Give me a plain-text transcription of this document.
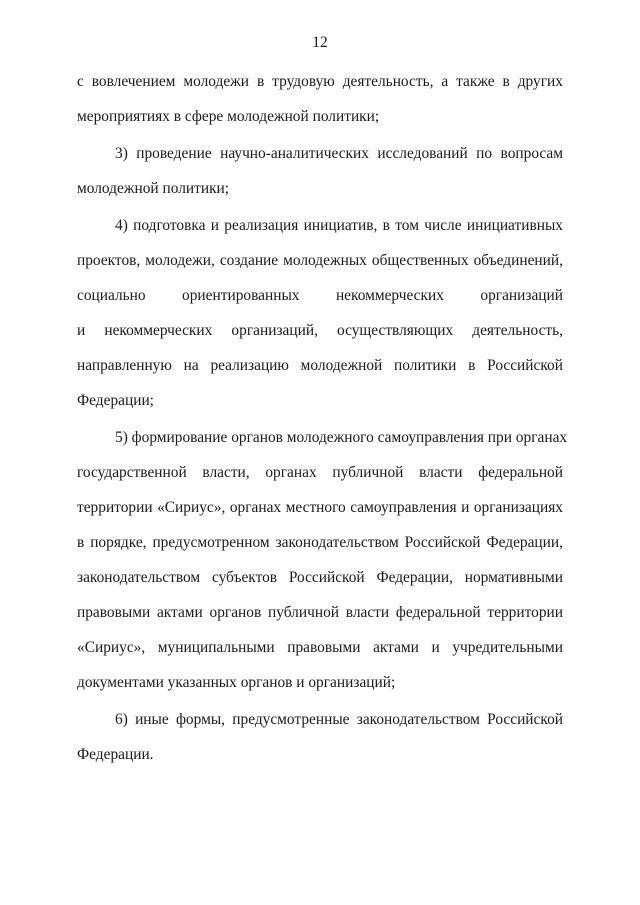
12
с вовлечением молодежи в трудовую деятельность, а также в других
мероприятиях в сфере молодежной политики;
3) проведение научно-аналитических исследований по вопросам
молодежной политики;
4) подготовка и реализация инициатив, в том числе инициативных
проектов, молодежи, создание молодежных общественных объединений,
социально ориентированных некоммерческих организаций
и некоммерческих организаций, осуществляющих деятельность,
направленную на реализацию молодежной политики в Российской
Федерации;
5) формирование органов молодежного самоуправления при органах
государственной власти, органах публичной власти федеральной
территории «Сириус», органах местного самоуправления и организациях
в порядке, предусмотренном законодательством Российской Федерации,
законодательством субъектов Российской Федерации, нормативными
правовыми актами органов публичной власти федеральной территории
«Сириус», муниципальными правовыми актами и учредительными
документами указанных органов и организаций;
6) иные формы, предусмотренные законодательством Российской
Федерации.
